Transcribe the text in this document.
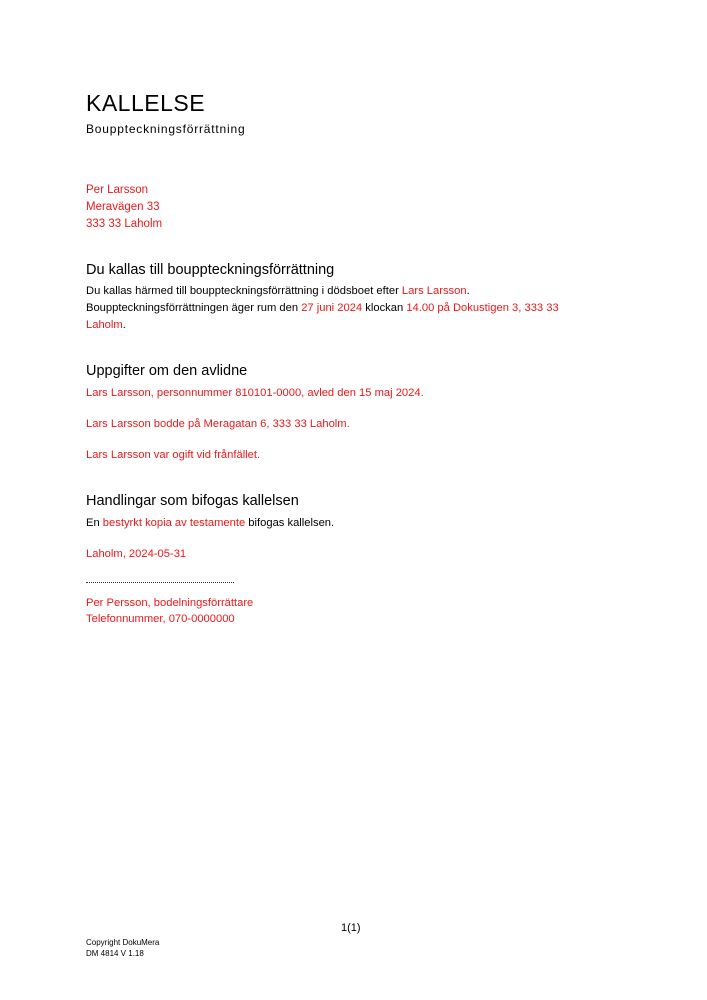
KALLELSE

Bouppteckningsförrättning

Per Larsson
Meravägen 33
333 33 Laholm
Du kallas till bouppteckningsförrättning

Du kallas härmed till bouppteckningsförrättning i dödsboet efter Lars Larsson.
Bouppteckningsförrättningen äger rum den 27 juni 2024 klockan 14.00 på Dokustigen 3, 333 33
Laholm.

Uppgifter om den avlidne

Lars Larsson, personnummer 810101-0000, avled den 15 maj 2024.

Lars Larsson bodde på Meragatan 6, 333 33 Laholm.

Lars Larsson var ogift vid frånfället.

Handlingar som bifogas kallelsen

En bestyrkt kopia av testamente bifogas kallelsen.

Laholm, 2024-05-31

Per Persson, bodelningsförrättare

Telefonnummer, 070-0000000

1(1)
Copyright DokuMera
DM 4814 V 1.18
